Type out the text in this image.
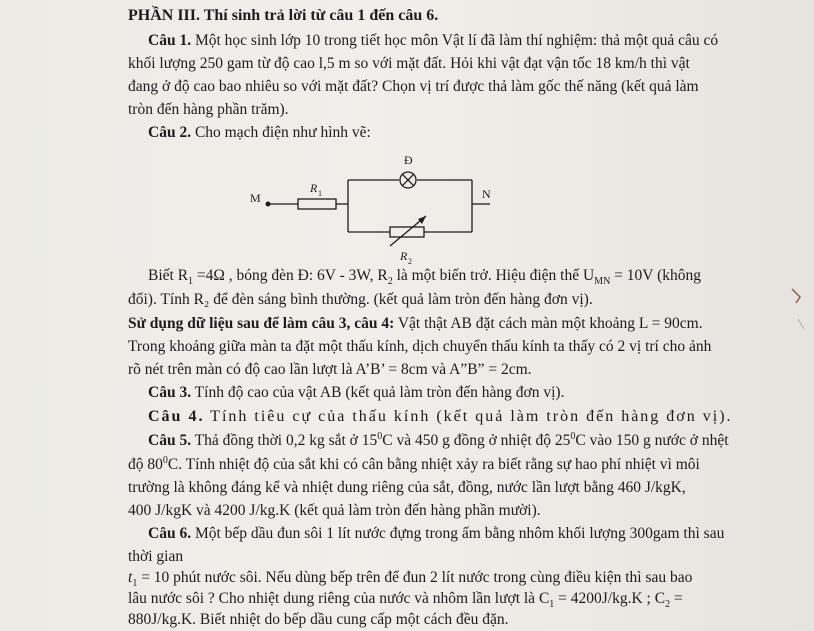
PHẦN III. Thí sinh trả lời từ câu 1 đến câu 6.
Câu 1. Một học sinh lớp 10 trong tiết học môn Vật lí đã làm thí nghiệm: thả một quả câu có
khối lượng 250 gam từ độ cao l,5 m so với mặt đất. Hỏi khi vật đạt vận tốc 18 km/h thì vật
đang ở độ cao bao nhiêu so với mặt đất? Chọn vị trí được thả làm gốc thế năng (kết quả làm
tròn đến hàng phần trăm).
Câu 2. Cho mạch điện như hình vẽ:
Đ
M	N
R 1
R 2
Biết $R_1 =4\Omega$ , bóng đèn Đ: 6V - 3W, $R_2$ là một biến trở. Hiệu điện thế $U_{MN} = 10V$ (không
đổi). Tính R₂ để đèn sáng bình thường. (kết quả làm tròn đến hàng đơn vị).
Sử dụng dữ liệu sau để làm câu 3, câu 4: Vật thật AB đặt cách màn một khoảng L = 90cm.
Trong khoảng giữa màn ta đặt một thấu kính, dịch chuyển thấu kính ta thấy có 2 vị trí cho ảnh
rõ nét trên màn có độ cao lần lượt là A’B’ = 8cm và A”B” = 2cm.
Câu 3. Tính độ cao của vật AB (kết quả làm tròn đến hàng đơn vị).
Câu 4. Tính tiêu cự của thấu kính (kết quả làm tròn đến hàng đơn vị).
Câu 5. Thả đồng thời 0,2 kg sắt ở $15^0C$ và 450 g đồng ở nhiệt độ $25^0C$ vào 150 g nước ở nhệt
độ $80^0C$. Tính nhiệt độ của sắt khi có cân bằng nhiệt xảy ra biết rằng sự hao phí nhiệt vì môi
trường là không đáng kể và nhiệt dung riêng của sắt, đồng, nước lần lượt bằng 460 J/kgK,
400 J/kgK và 4200 J/kg.K (kết quả làm tròn đến hàng phần mười).
Câu 6. Một bếp dầu đun sôi 1 lít nước đựng trong ấm bằng nhôm khối lượng 300gam thì sau
thời gian
$t_1 = 10$ phút nước sôi. Nếu dùng bếp trên để đun 2 lít nước trong cùng điều kiện thì sau bao
lâu nước sôi ? Cho nhiệt dung riêng của nước và nhôm lần lượt là $C_1 = 4200J/kg.K$ ; $C_2$ =
880J/kg.K. Biết nhiệt do bếp dầu cung cấp một cách đều đặn.
